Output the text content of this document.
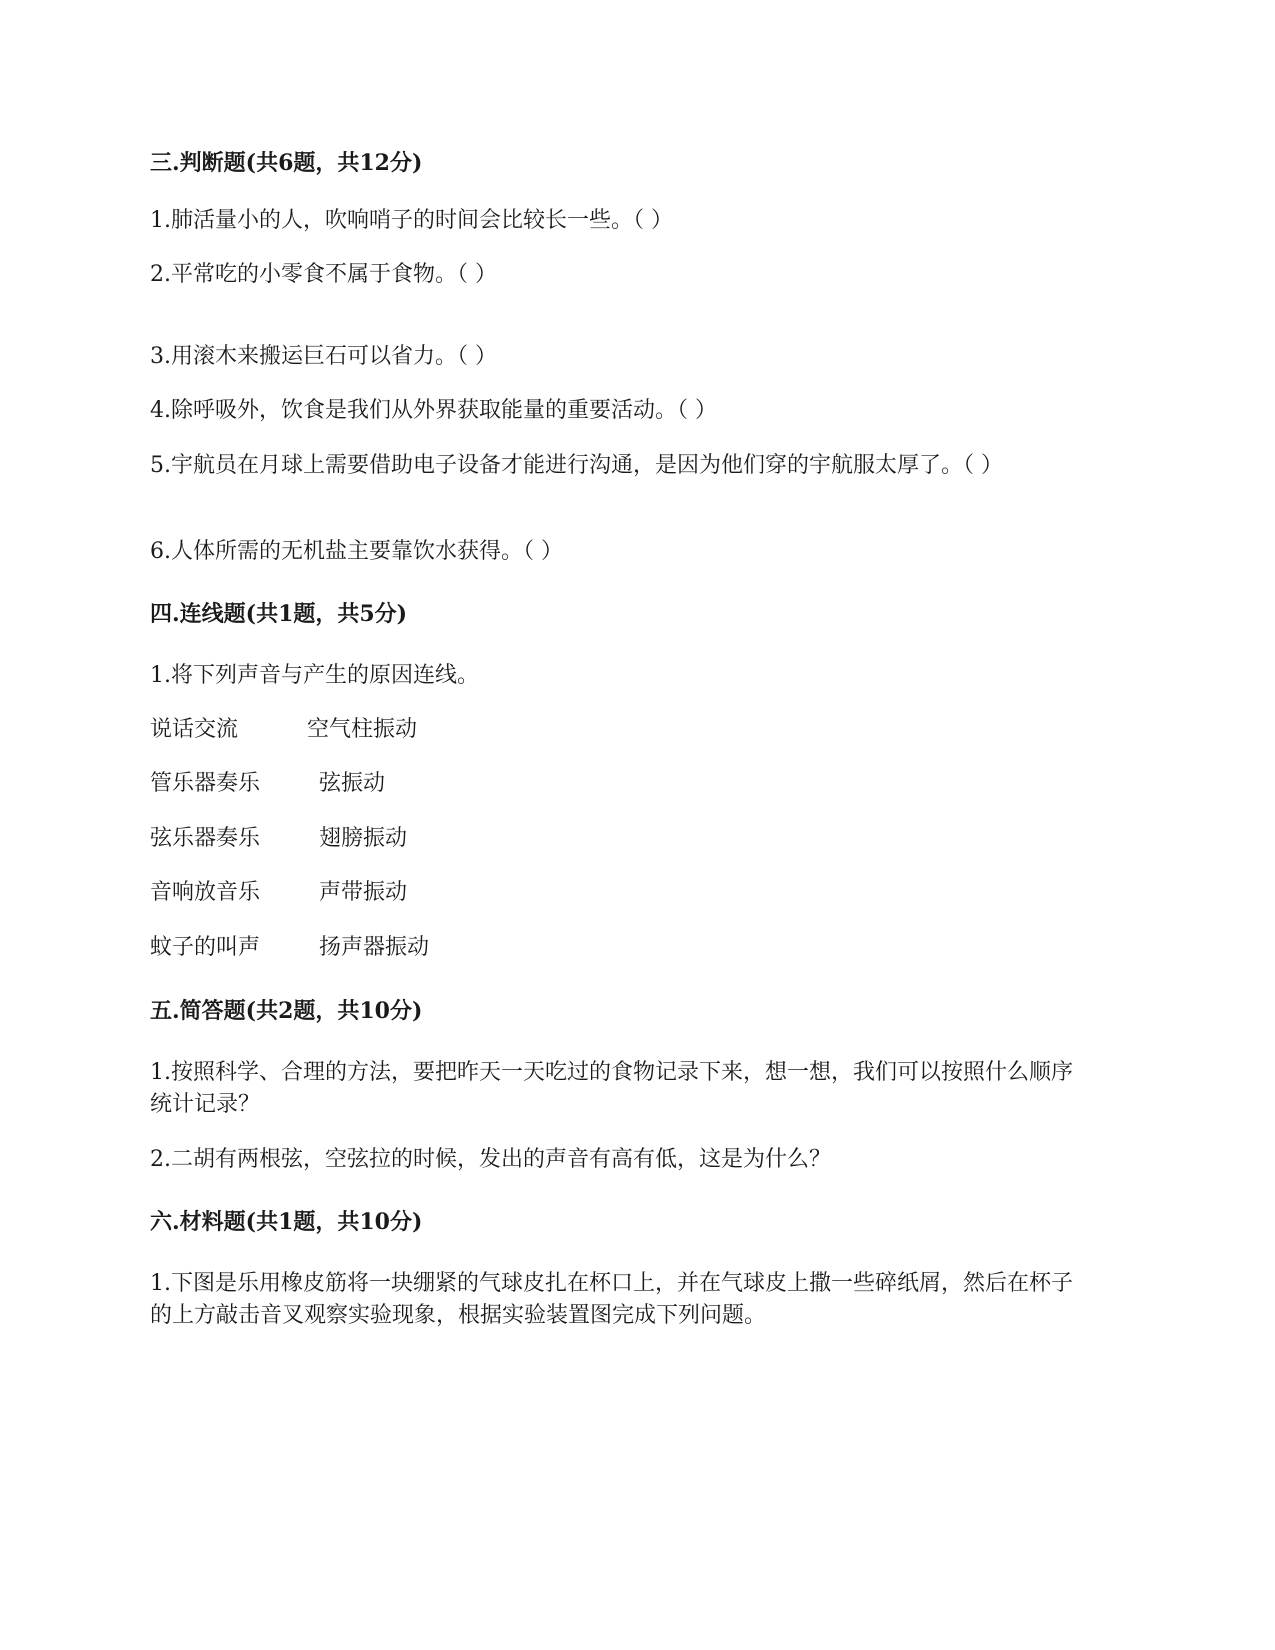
三.判断题(共6题，共12分)
1.肺活量小的人，吹响哨子的时间会比较长一些。（ ）
2.平常吃的小零食不属于食物。（ ）
3.用滚木来搬运巨石可以省力。（ ）
4.除呼吸外，饮食是我们从外界获取能量的重要活动。（ ）
5.宇航员在月球上需要借助电子设备才能进行沟通，是因为他们穿的宇航服太厚了。（ ）
6.人体所需的无机盐主要靠饮水获得。（ ）
四.连线题(共1题，共5分)
1.将下列声音与产生的原因连线。
说话交流	空气柱振动
管乐器奏乐	弦振动
弦乐器奏乐	翅膀振动
音响放音乐	声带振动
蚊子的叫声	扬声器振动
五.简答题(共2题，共10分)
1.按照科学、合理的方法，要把昨天一天吃过的食物记录下来，想一想，我们可以按照什么顺序统计记录？
2.二胡有两根弦，空弦拉的时候，发出的声音有高有低，这是为什么？
六.材料题(共1题，共10分)
1.下图是乐用橡皮筋将一块绷紧的气球皮扎在杯口上，并在气球皮上撒一些碎纸屑，然后在杯子的上方敲击音叉观察实验现象，根据实验装置图完成下列问题。
